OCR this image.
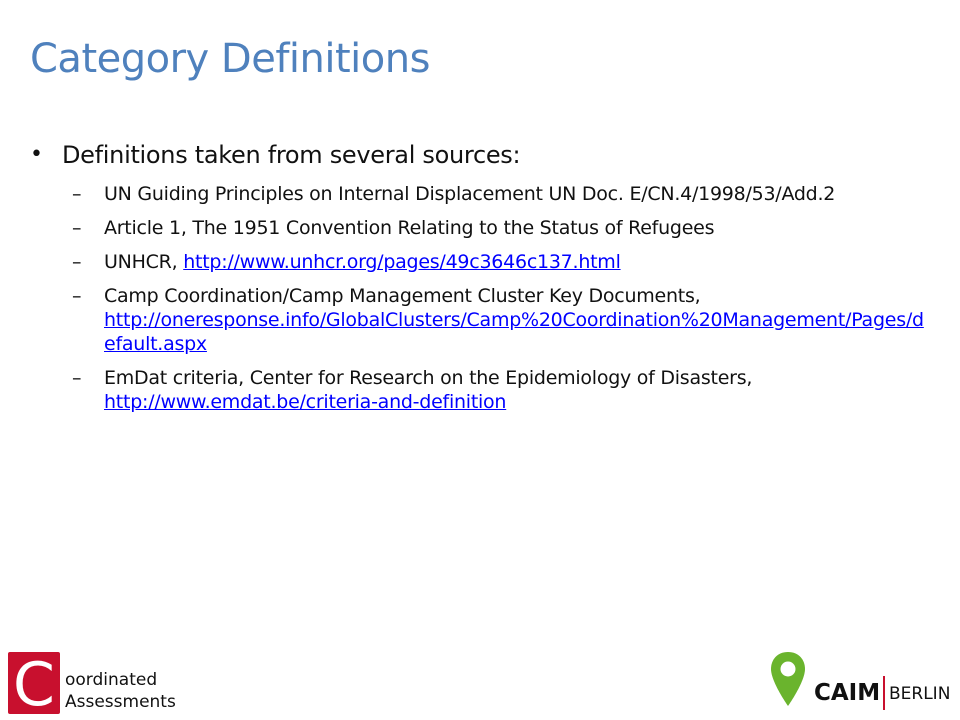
Category Definitions
• Definitions taken from several sources:
– UN Guiding Principles on Internal Displacement UN Doc. E/CN.4/1998/53/Add.2
– Article 1, The 1951 Convention Relating to the Status of Refugees
– UNHCR, http://www.unhcr.org/pages/49c3646c137.html
– Camp Coordination/Camp Management Cluster Key Documents,
http://oneresponse.info/GlobalClusters/Camp%20Coordination%20Management/Pages/default.aspx
– EmDat criteria, Center for Research on the Epidemiology of Disasters,
http://www.emdat.be/criteria-and-definition
C oordinated
Assessments	CAIM BERLIN
